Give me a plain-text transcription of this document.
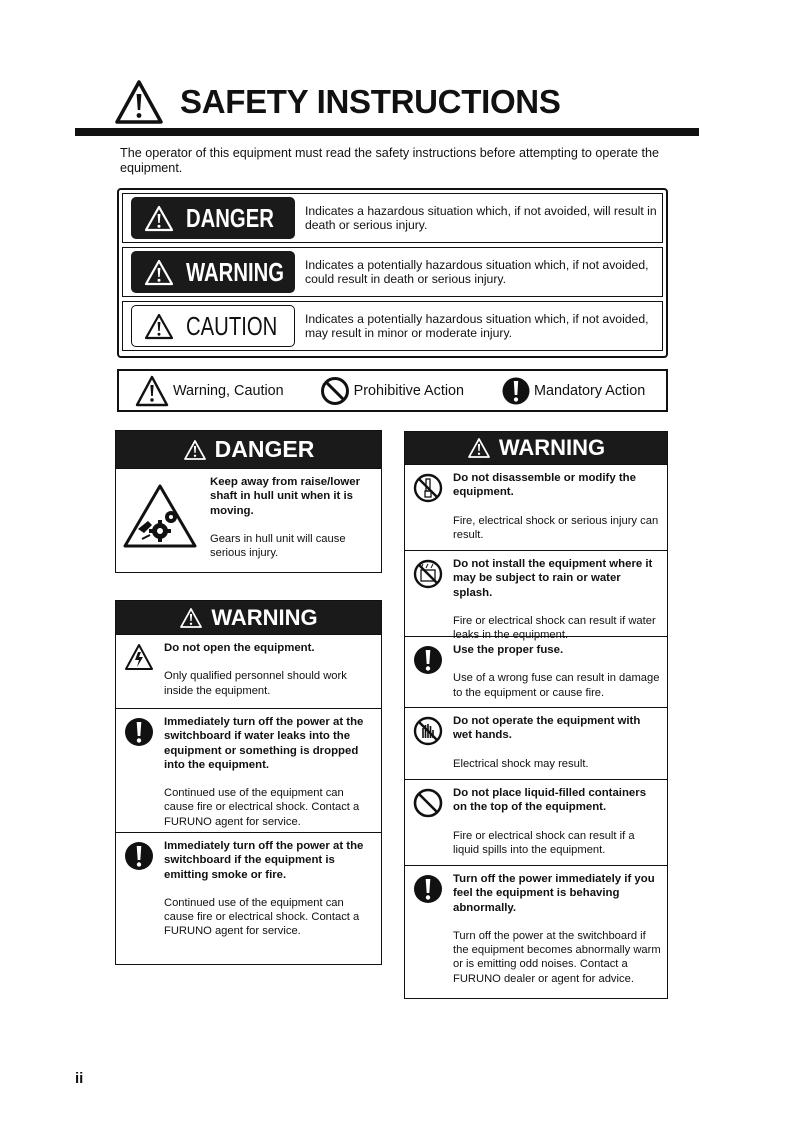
SAFETY INSTRUCTIONS
The operator of this equipment must read the safety instructions before attempting to operate the equipment.
DANGER	Indicates a hazardous situation which, if not avoided, will result in death or serious injury.
WARNING Indicates a potentially hazardous situation which, if not avoided, could result in death or serious injury.
CAUTION Indicates a potentially hazardous situation which, if not avoided, may result in minor or moderate injury.
Warning, Caution	Prohibitive Action	Mandatory Action
DANGER
Keep away from raise/lower shaft in hull unit when it is moving.
Gears in hull unit will cause serious injury.
WARNING
Do not open the equipment.
Only qualified personnel should work inside the equipment.
Immediately turn off the power at the switchboard if water leaks into the equipment or something is dropped into the equipment.
Continued use of the equipment can cause fire or electrical shock. Contact a FURUNO agent for service.
Immediately turn off the power at the switchboard if the equipment is emitting smoke or fire.
Continued use of the equipment can cause fire or electrical shock. Contact a FURUNO agent for service.
WARNING
Do not disassemble or modify the equipment.
Fire, electrical shock or serious injury can result.
Do not install the equipment where it may be subject to rain or water splash.
Fire or electrical shock can result if water leaks in the equipment.
Use the proper fuse.
Use of a wrong fuse can result in damage to the equipment or cause fire.
Do not operate the equipment with wet hands.
Electrical shock may result.
Do not place liquid-filled containers on the top of the equipment.
Fire or electrical shock can result if a liquid spills into the equipment.
Turn off the power immediately if you feel the equipment is behaving abnormally.
Turn off the power at the switchboard if the equipment becomes abnormally warm or is emitting odd noises. Contact a FURUNO dealer or agent for advice.
ii
